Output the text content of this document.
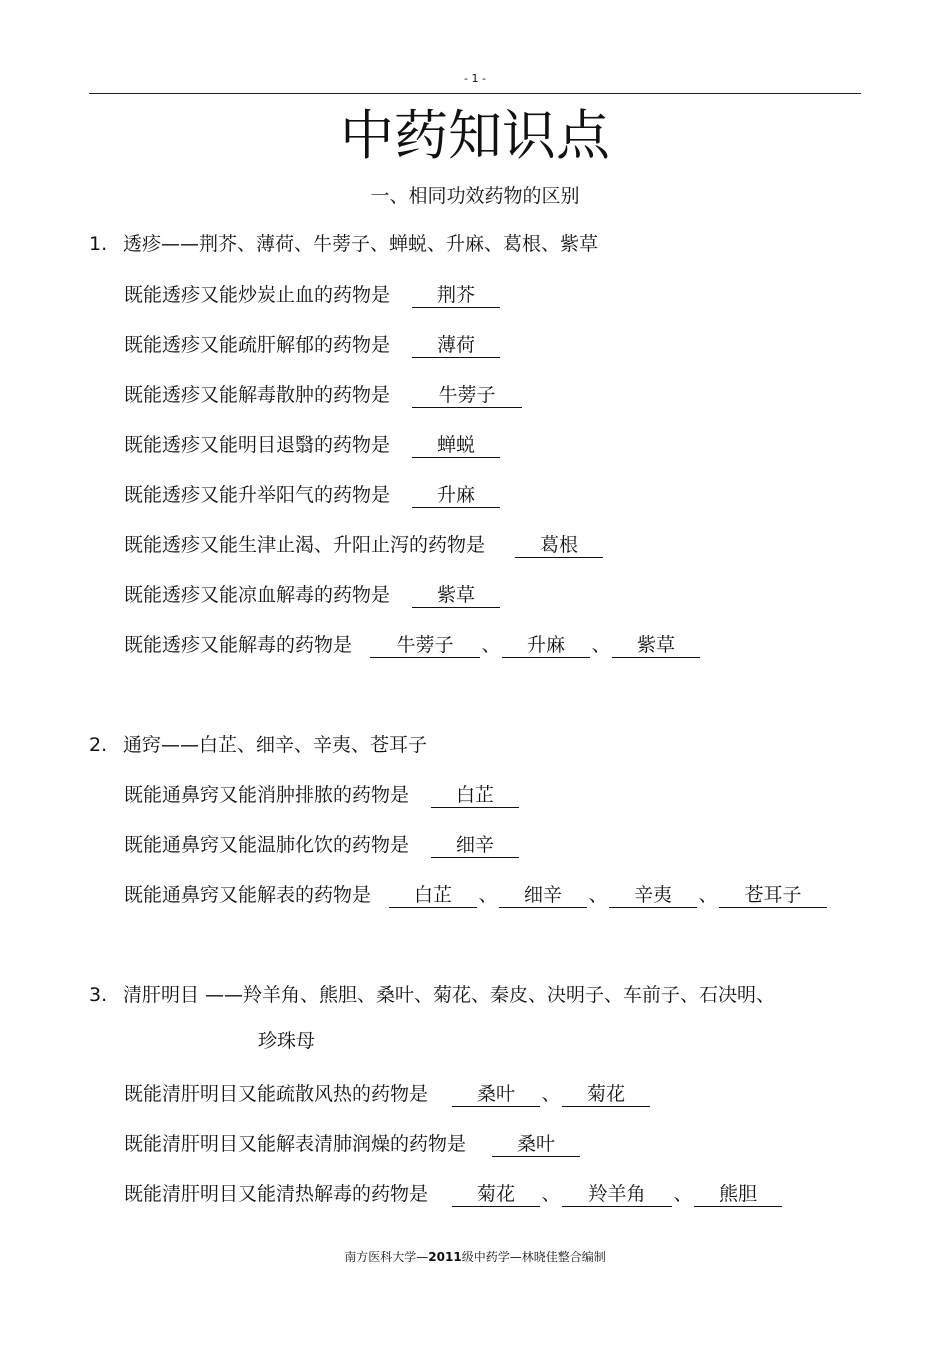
- 1 -
中药知识点
一、相同功效药物的区别
1. 透疹——荆芥、薄荷、牛蒡子、蝉蜕、升麻、葛根、紫草
既能透疹又能炒炭止血的药物是 荆芥
既能透疹又能疏肝解郁的药物是 薄荷
既能透疹又能解毒散肿的药物是	牛蒡子
既能透疹又能明目退翳的药物是 蝉蜕
既能透疹又能升举阳气的药物是 升麻
既能透疹又能生津止渴、升阳止泻的药物是	葛根
既能透疹又能凉血解毒的药物是 紫草
既能透疹又能解毒的药物是 牛蒡子 、 升麻 、 紫草
2. 通窍——白芷、细辛、辛夷、苍耳子
既能通鼻窍又能消肿排脓的药物是 白芷
既能通鼻窍又能温肺化饮的药物是 细辛
既能通鼻窍又能解表的药物是 白芷 、 细辛 、 辛夷 、 苍耳子
3. 清肝明目 ——羚羊角、熊胆、桑叶、菊花、秦皮、决明子、车前子、石决明、
珍珠母
既能清肝明目又能疏散风热的药物是	桑叶 、 菊花
既能清肝明目又能解表清肺润燥的药物是	桑叶
既能清肝明目又能清热解毒的药物是	菊花 、 羚羊角 、 熊胆
南方医科大学—2011级中药学—林晓佳整合编制
